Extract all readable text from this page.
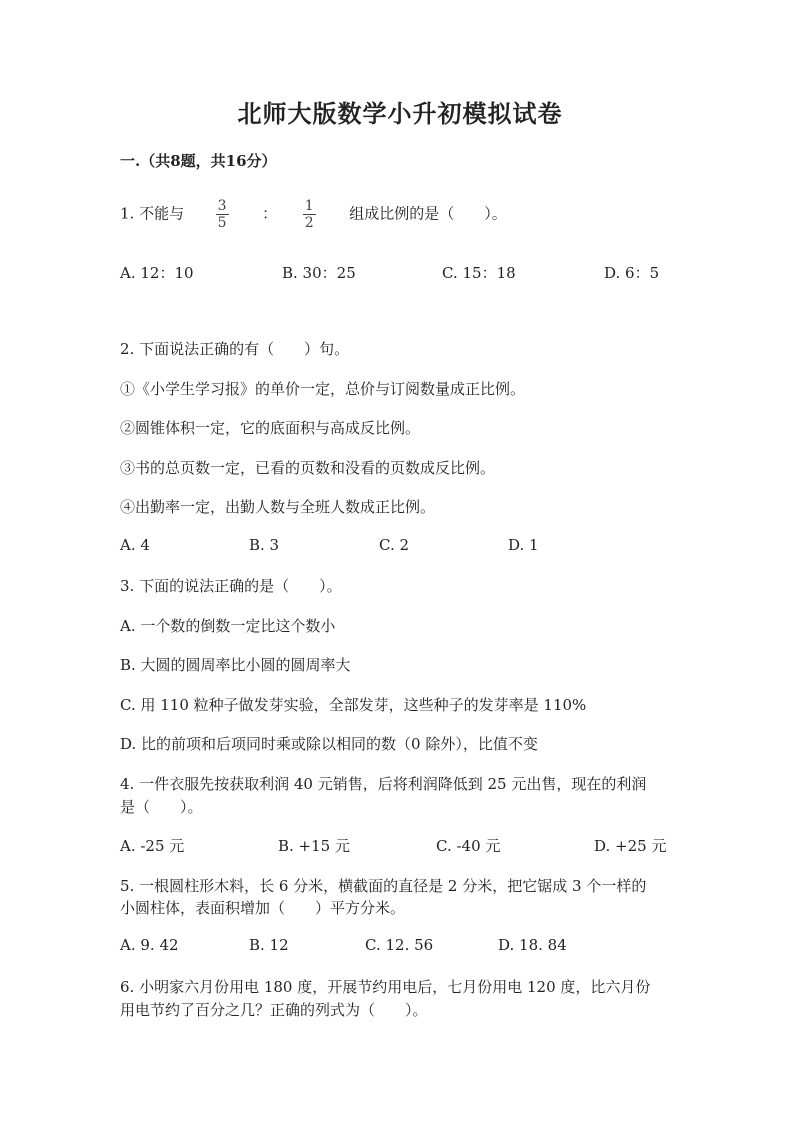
北师大版数学小升初模拟试卷
一.（共8题，共16分）
1. 不能与 $\frac{3}{5}$ ： $\frac{1}{2}$ 组成比例的是（　　）。
A. 12：10	B. 30：25	C. 15：18	D. 6：5
2. 下面说法正确的有（　　）句。
①《小学生学习报》的单价一定，总价与订阅数量成正比例。
②圆锥体积一定，它的底面积与高成反比例。
③书的总页数一定，已看的页数和没看的页数成反比例。
④出勤率一定，出勤人数与全班人数成正比例。
A. 4	B. 3	C. 2	D. 1
3. 下面的说法正确的是（　　）。
A. 一个数的倒数一定比这个数小
B. 大圆的圆周率比小圆的圆周率大
C. 用 110 粒种子做发芽实验，全部发芽，这些种子的发芽率是 110%
D. 比的前项和后项同时乘或除以相同的数（0 除外），比值不变
4. 一件衣服先按获取利润 40 元销售，后将利润降低到 25 元出售，现在的利润
是（　　）。
A. -25 元	B. +15 元	C. -40 元	D. +25 元
5. 一根圆柱形木料，长 6 分米，横截面的直径是 2 分米，把它锯成 3 个一样的
小圆柱体，表面积增加（　　）平方分米。
A. 9. 42	B. 12	C. 12. 56	D. 18. 84
6. 小明家六月份用电 180 度，开展节约用电后，七月份用电 120 度，比六月份
用电节约了百分之几？正确的列式为（　　）。
